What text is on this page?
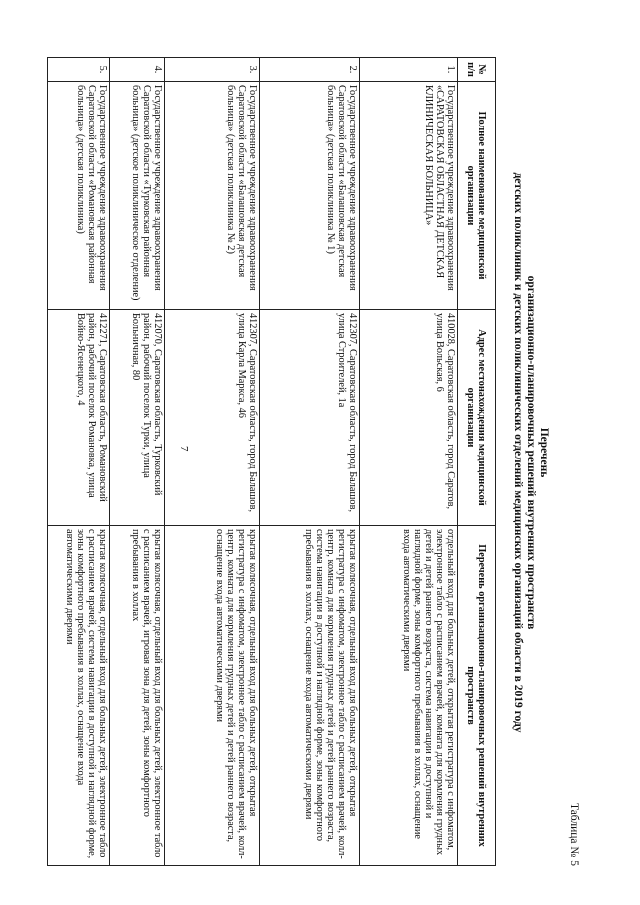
7
Таблица № 5
Перечень
организационно-планировочных решений внутренних пространств
детских поликлиник и детских поликлинических отделений медицинских организаций области в 2019 году
№ п/п	Полное наименование медицинской организации	Адрес местонахождения медицинской организации	Перечень организационно-планировочных решений внутренних пространств
1.	Государственное учреждение здравоохранения «САРАТОВСКАЯ ОБЛАСТНАЯ ДЕТСКАЯ КЛИНИЧЕСКАЯ БОЛЬНИЦА»	410028, Саратовская область, город Саратов, улица Вольская, 6	отдельный вход для больных детей, открытая регистратура с инфоматом, электронное табло с расписанием врачей, комната для кормления грудных детей и детей раннего возраста, система навигации в доступной и наглядной форме, зоны комфортного пребывания в холлах, оснащение входа автоматическими дверями
2.	Государственное учреждение здравоохранения Саратовской области «Балашовская детская больница» (детская поликлиника № 1)	412307, Саратовская область, город Балашов, улица Строителей, 1а	крытая колясочная, отдельный вход для больных детей, открытая регистратура с инфоматом, электронное табло с расписанием врачей, колл-центр, комната для кормления грудных детей и детей раннего возраста, система навигации в доступной и наглядной форме, зоны комфортного пребывания в холлах, оснащение входа автоматическими дверями
3.	Государственное учреждение здравоохранения Саратовской области «Балашовская детская больница» (детская поликлиника № 2)	412307, Саратовская область, город Балашов, улица Карла Маркса, 46	крытая колясочная, отдельный вход для больных детей, открытая регистратура с инфоматом, электронное табло с расписанием врачей, колл-центр, комната для кормления грудных детей и детей раннего возраста, оснащение входа автоматическими дверями
4.	Государственное учреждение здравоохранения Саратовской области «Турковская районная больница» (детское поликлиническое отделение)	412070, Саратовская область, Турковский район, рабочий поселок Турки, улица Больничная, 80	крытая колясочная, отдельный вход для больных детей, электронное табло с расписанием врачей, игровая зона для детей, зоны комфортного пребывания в холлах
5.	Государственное учреждение здравоохранения Саратовской области «Романовская районная больница» (детская поликлиника)	412271, Саратовская область, Романовский район, рабочий поселок Романовка, улица Войно-Ясенецкого, 4	крытая колясочная, отдельный вход для больных детей, электронное табло с расписанием врачей, система навигации в доступной и наглядной форме, зоны комфортного пребывания в холлах, оснащение входа автоматическими дверями
